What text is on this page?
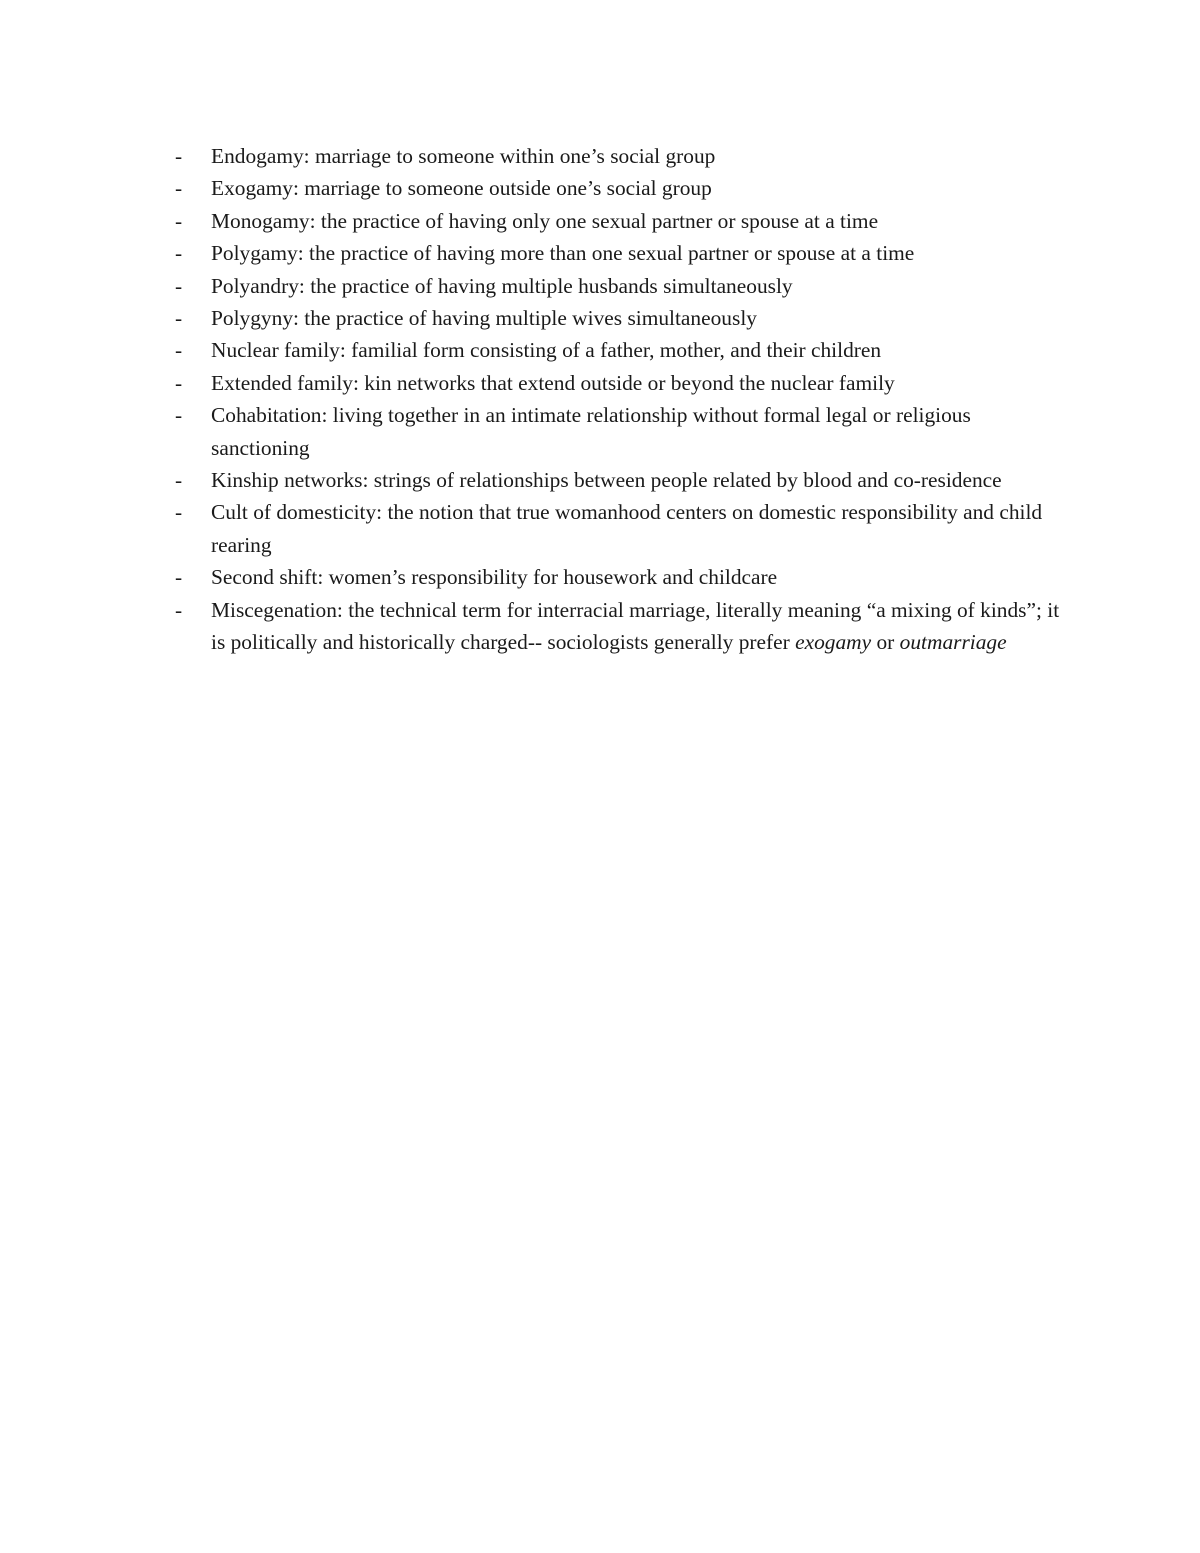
-	Endogamy: marriage to someone within one’s social group
-	Exogamy: marriage to someone outside one’s social group
-	Monogamy: the practice of having only one sexual partner or spouse at a time
-	Polygamy: the practice of having more than one sexual partner or spouse at a time
-	Polyandry: the practice of having multiple husbands simultaneously
-	Polygyny: the practice of having multiple wives simultaneously
-	Nuclear family: familial form consisting of a father, mother, and their children
-	Extended family: kin networks that extend outside or beyond the nuclear family
-	Cohabitation: living together in an intimate relationship without formal legal or religious sanctioning
-	Kinship networks: strings of relationships between people related by blood and co-residence
-	Cult of domesticity: the notion that true womanhood centers on domestic responsibility and child rearing
-	Second shift: women’s responsibility for housework and childcare
-	Miscegenation: the technical term for interracial marriage, literally meaning “a mixing of kinds”; it is politically and historically charged-- sociologists generally prefer exogamy or outmarriage
